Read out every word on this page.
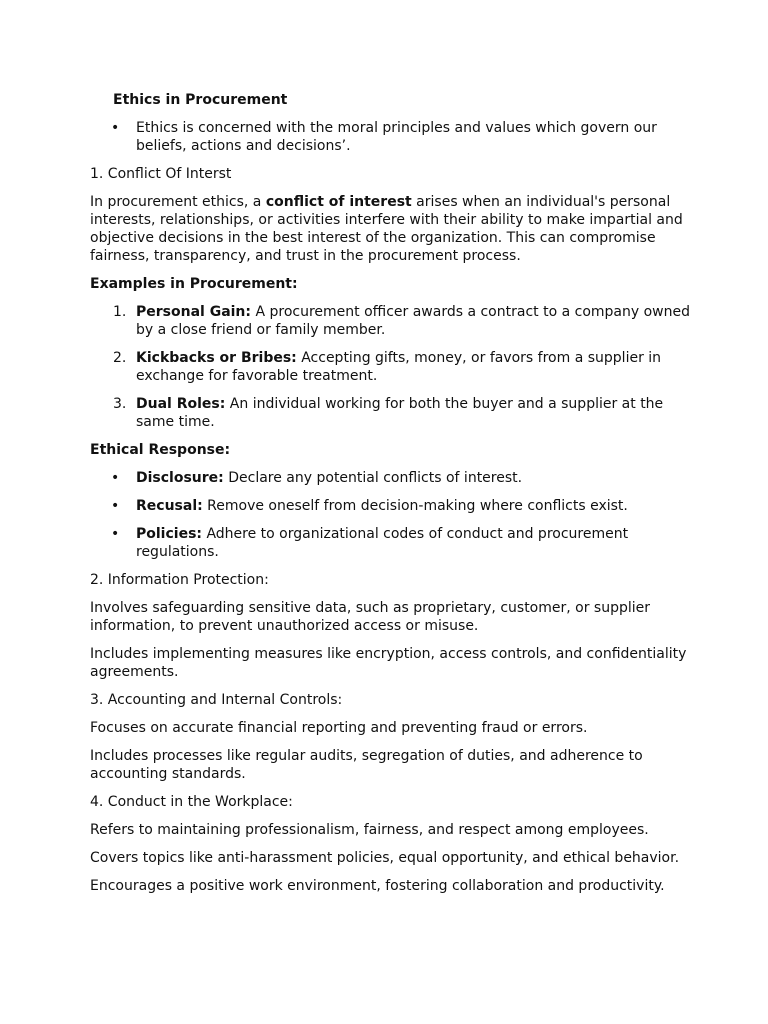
Ethics in Procurement

• Ethics is concerned with the moral principles and values which govern our beliefs, actions and decisions’.

1. Conflict Of Interst

In procurement ethics, a conflict of interest arises when an individual's personal interests, relationships, or activities interfere with their ability to make impartial and objective decisions in the best interest of the organization. This can compromise fairness, transparency, and trust in the procurement process.

Examples in Procurement:

1. Personal Gain: A procurement officer awards a contract to a company owned by a close friend or family member.
2. Kickbacks or Bribes: Accepting gifts, money, or favors from a supplier in exchange for favorable treatment.
3. Dual Roles: An individual working for both the buyer and a supplier at the same time.

Ethical Response:

• Disclosure: Declare any potential conflicts of interest.
• Recusal: Remove oneself from decision-making where conflicts exist.
• Policies: Adhere to organizational codes of conduct and procurement regulations.

2. Information Protection:

Involves safeguarding sensitive data, such as proprietary, customer, or supplier information, to prevent unauthorized access or misuse.

Includes implementing measures like encryption, access controls, and confidentiality agreements.

3. Accounting and Internal Controls:

Focuses on accurate financial reporting and preventing fraud or errors.

Includes processes like regular audits, segregation of duties, and adherence to accounting standards.

4. Conduct in the Workplace:

Refers to maintaining professionalism, fairness, and respect among employees.

Covers topics like anti-harassment policies, equal opportunity, and ethical behavior.

Encourages a positive work environment, fostering collaboration and productivity.
